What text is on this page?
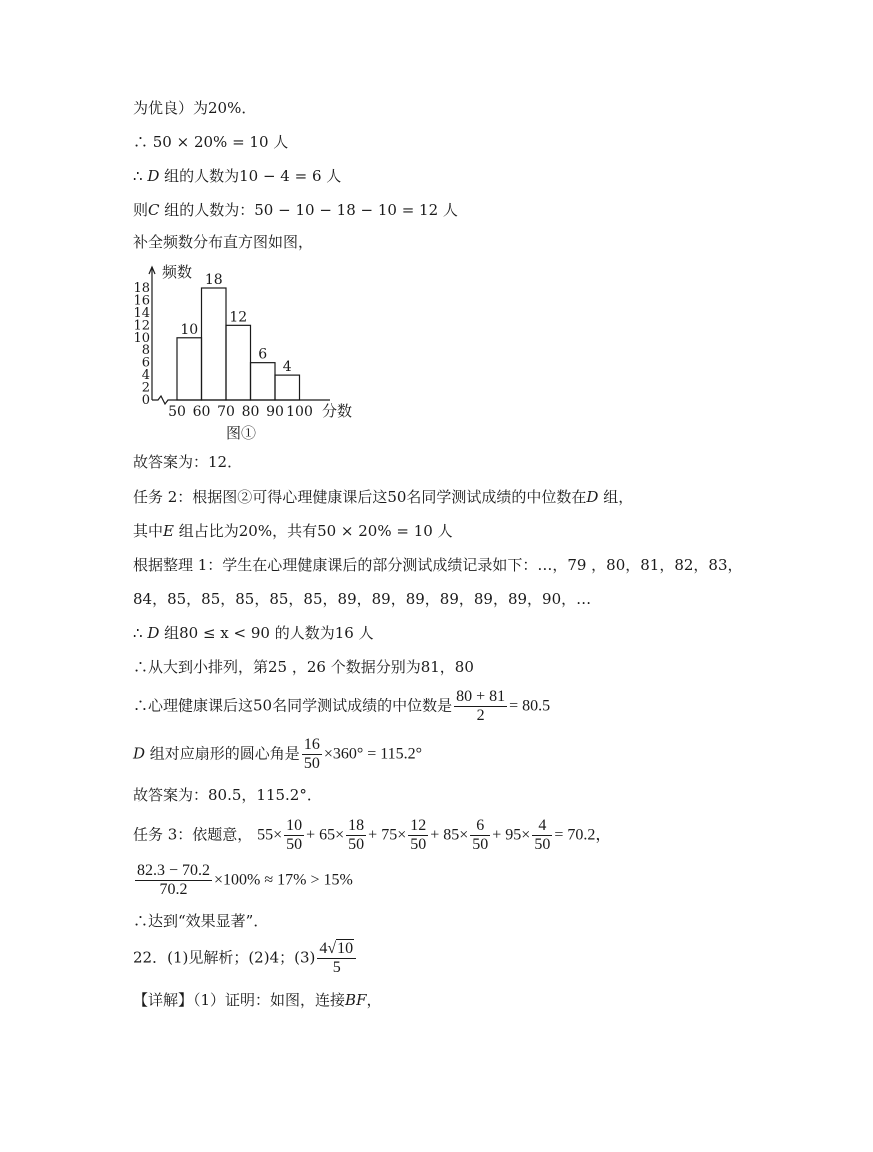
为优良）为20%．
∴ 50 × 20% = 10 人
∴ D 组的人数为10 − 4 = 6 人
则C 组的人数为：50 − 10 − 18 − 10 = 12 人
补全频数分布直方图如图，
0
2
4
6
8
10
12
14
16
18
10
18
12
6
4
50 60 70 80 90 100
频数
分数
图①
故答案为：12．
任务 2：根据图②可得心理健康课后这50名同学测试成绩的中位数在D 组，
其中E 组占比为20%，共有50 × 20% = 10 人
根据整理 1：学生在心理健康课后的部分测试成绩记录如下：…，79 ，80，81，82，83，
84，85，85，85，85，85，89，89，89，89，89，89，90，…
∴ D 组80 ≤ x < 90 的人数为16 人
∴从大到小排列，第25 ，26 个数据分别为81，80
∴心理健康课后这50名同学测试成绩的中位数是 $\frac{80 + 81}{2} = 80.5$
D 组对应扇形的圆心角是 $\frac{16}{50} \times 360^\circ = 115.2^\circ$
故答案为：80.5，115.2°．
任务 3：依题意， $55\times \frac{10}{50} + 65\times \frac{18}{50} + 75\times \frac{12}{50} + 85\times \frac{6}{50} + 95\times \frac{4}{50} = 70.2$，
$\frac{82.3 - 70.2}{70.2} \times 100\% \approx 17\% > 15\%$
∴达到“效果显著”．
22．(1)见解析；(2)4；$(3) \frac{4√10}{5}$
【详解】（1）证明：如图，连接BF，
